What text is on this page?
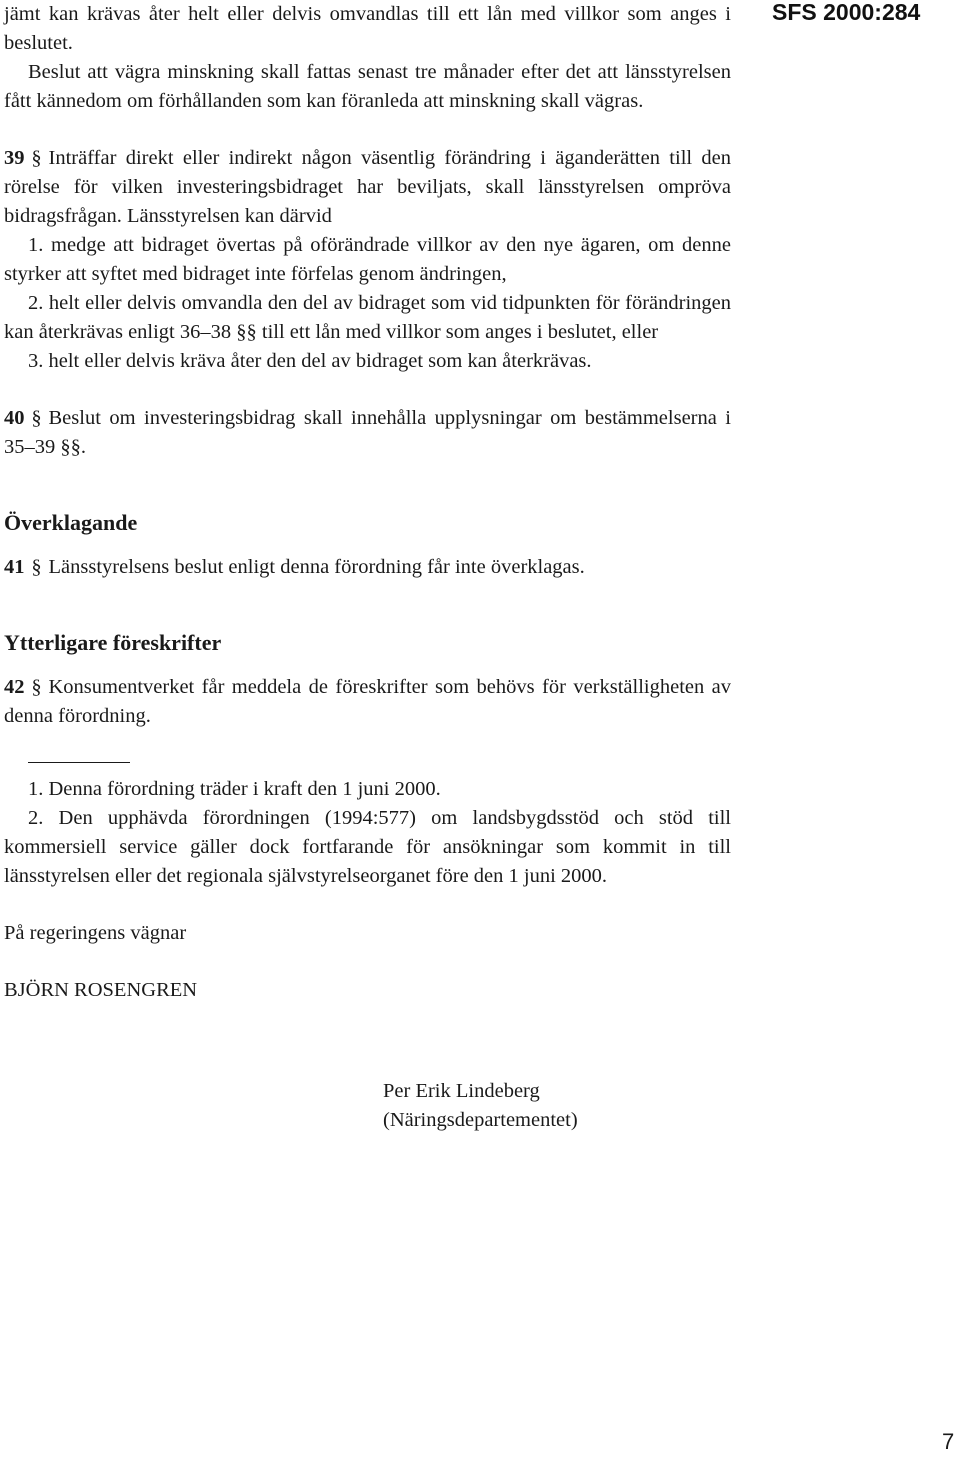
SFS 2000:284

jämt kan krävas åter helt eller delvis omvandlas till ett lån med villkor som anges i beslutet.

Beslut att vägra minskning skall fattas senast tre månader efter det att länsstyrelsen fått kännedom om förhållanden som kan föranleda att minskning skall vägras.

39 § Inträffar direkt eller indirekt någon väsentlig förändring i äganderätten till den rörelse för vilken investeringsbidraget har beviljats, skall länsstyrelsen ompröva bidragsfrågan. Länsstyrelsen kan därvid

1. medge att bidraget övertas på oförändrade villkor av den nye ägaren, om denne styrker att syftet med bidraget inte förfelas genom ändringen,

2. helt eller delvis omvandla den del av bidraget som vid tidpunkten för förändringen kan återkrävas enligt 36–38 §§ till ett lån med villkor som anges i beslutet, eller

3. helt eller delvis kräva åter den del av bidraget som kan återkrävas.

40 § Beslut om investeringsbidrag skall innehålla upplysningar om bestämmelserna i 35–39 §§.

Överklagande

41 § Länsstyrelsens beslut enligt denna förordning får inte överklagas.

Ytterligare föreskrifter

42 § Konsumentverket får meddela de föreskrifter som behövs för verkställigheten av denna förordning.

1. Denna förordning träder i kraft den 1 juni 2000.

2. Den upphävda förordningen (1994:577) om landsbygdsstöd och stöd till kommersiell service gäller dock fortfarande för ansökningar som kommit in till länsstyrelsen eller det regionala självstyrelseorganet före den 1 juni 2000.

På regeringens vägnar

BJÖRN ROSENGREN

Per Erik Lindeberg
(Näringsdepartementet)
7
